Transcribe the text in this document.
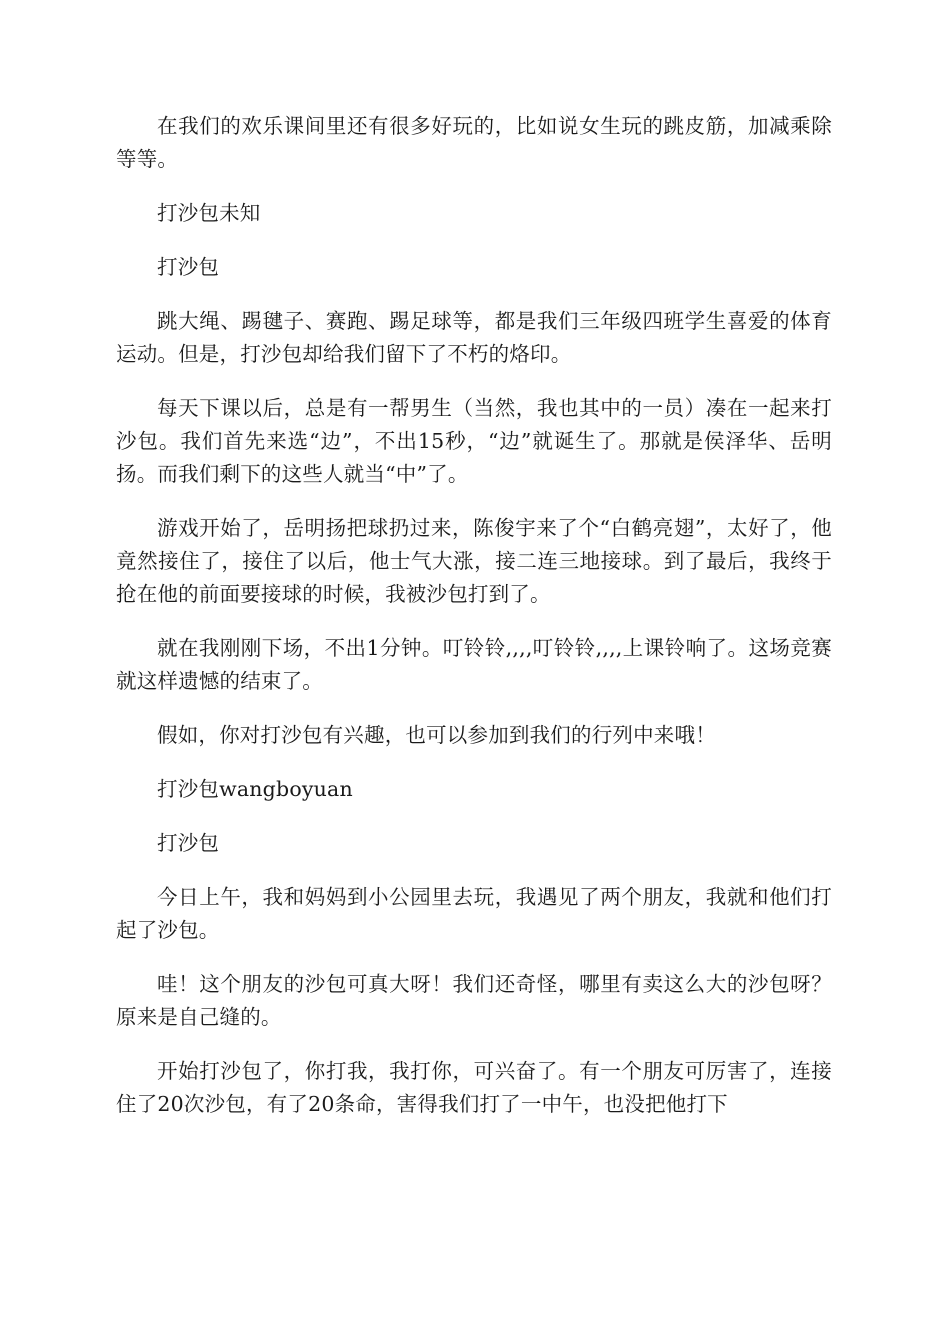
在我们的欢乐课间里还有很多好玩的，比如说女生玩的跳皮筋，加减乘除等等。

打沙包未知

打沙包

跳大绳、踢毽子、赛跑、踢足球等，都是我们三年级四班学生喜爱的体育运动。但是，打沙包却给我们留下了不朽的烙印。

每天下课以后，总是有一帮男生（当然，我也其中的一员）凑在一起来打沙包。我们首先来选“边”，不出15秒，“边”就诞生了。那就是侯泽华、岳明扬。而我们剩下的这些人就当“中”了。

游戏开始了，岳明扬把球扔过来，陈俊宇来了个“白鹤亮翅”，太好了，他竟然接住了，接住了以后，他士气大涨，接二连三地接球。到了最后，我终于抢在他的前面要接球的时候，我被沙包打到了。

就在我刚刚下场，不出1分钟。叮铃铃,,,,叮铃铃,,,,上课铃响了。这场竞赛就这样遗憾的结束了。

假如，你对打沙包有兴趣，也可以参加到我们的行列中来哦！

打沙包wangboyuan

打沙包

今日上午，我和妈妈到小公园里去玩，我遇见了两个朋友，我就和他们打起了沙包。

哇！这个朋友的沙包可真大呀！我们还奇怪，哪里有卖这么大的沙包呀？原来是自己缝的。

开始打沙包了，你打我，我打你，可兴奋了。有一个朋友可厉害了，连接住了20次沙包，有了20条命，害得我们打了一中午，也没把他打下
